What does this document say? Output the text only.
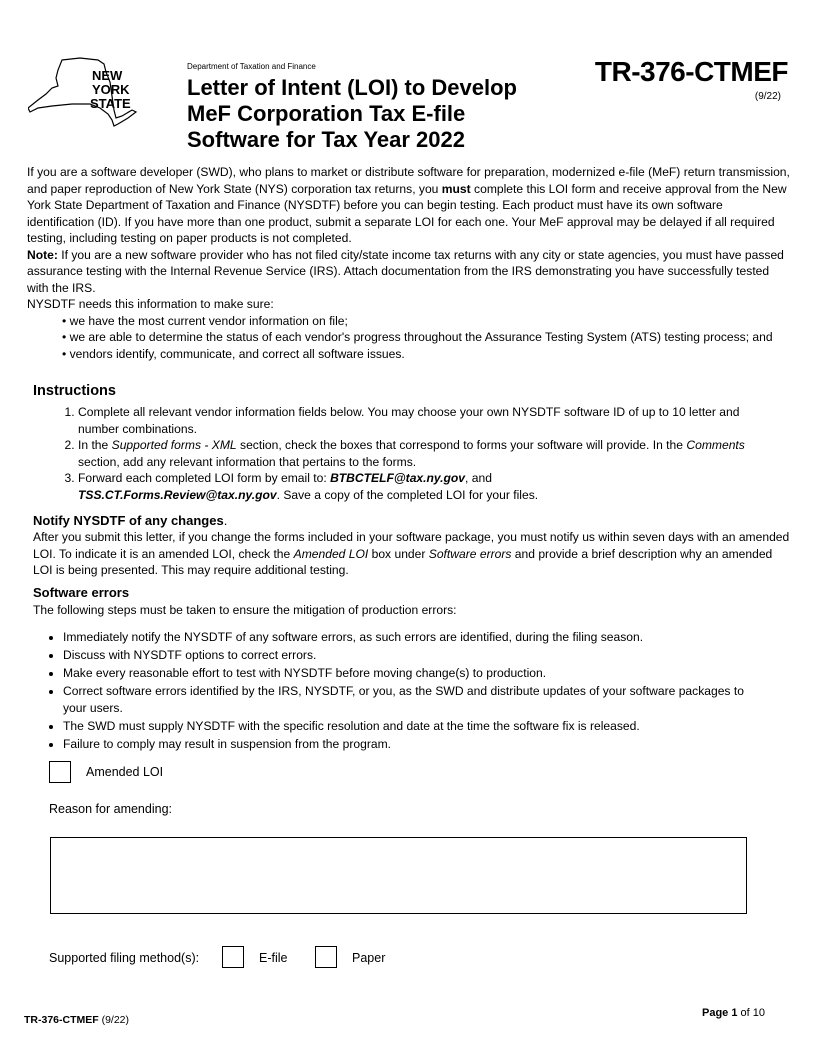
NEW
YORK
STATE
Department of Taxation and Finance
Letter of Intent (LOI) to Develop
MeF Corporation Tax E-file
Software for Tax Year 2022
TR-376-CTMEF
(9/22)

If you are a software developer (SWD), who plans to market or distribute software for preparation, modernized e-file (MeF) return transmission, and paper reproduction of New York State (NYS) corporation tax returns, you must complete this LOI form and receive approval from the New York State Department of Taxation and Finance (NYSDTF) before you can begin testing. Each product must have its own software identification (ID). If you have more than one product, submit a separate LOI for each one. Your MeF approval may be delayed if all required testing, including testing on paper products is not completed.

Note: If you are a new software provider who has not filed city/state income tax returns with any city or state agencies, you must have passed assurance testing with the Internal Revenue Service (IRS). Attach documentation from the IRS demonstrating you have successfully tested with the IRS.

NYSDTF needs this information to make sure:

• we have the most current vendor information on file;
• we are able to determine the status of each vendor's progress throughout the Assurance Testing System (ATS) testing process; and
• vendors identify, communicate, and correct all software issues.
Instructions
1. Complete all relevant vendor information fields below. You may choose your own NYSDTF software ID of up to 10 letter and number combinations.
2. In the Supported forms - XML section, check the boxes that correspond to forms your software will provide. In the Comments section, add any relevant information that pertains to the forms.
3. Forward each completed LOI form by email to: BTBCTELF@tax.ny.gov, and
TSS.CT.Forms.Review@tax.ny.gov. Save a copy of the completed LOI for your files.
Notify NYSDTF of any changes.
After you submit this letter, if you change the forms included in your software package, you must notify us within seven days with an amended LOI. To indicate it is an amended LOI, check the Amended LOI box under Software errors and provide a brief description why an amended LOI is being presented. This may require additional testing.
Software errors
The following steps must be taken to ensure the mitigation of production errors:
• Immediately notify the NYSDTF of any software errors, as such errors are identified, during the filing season.
• Discuss with NYSDTF options to correct errors.
• Make every reasonable effort to test with NYSDTF before moving change(s) to production.
• Correct software errors identified by the IRS, NYSDTF, or you, as the SWD and distribute updates of your software packages to your users.
• The SWD must supply NYSDTF with the specific resolution and date at the time the software fix is released.
• Failure to comply may result in suspension from the program.
Amended LOI
Reason for amending:
Supported filing method(s):	E-file	Paper
TR-376-CTMEF (9/22)
Page 1 of 10
